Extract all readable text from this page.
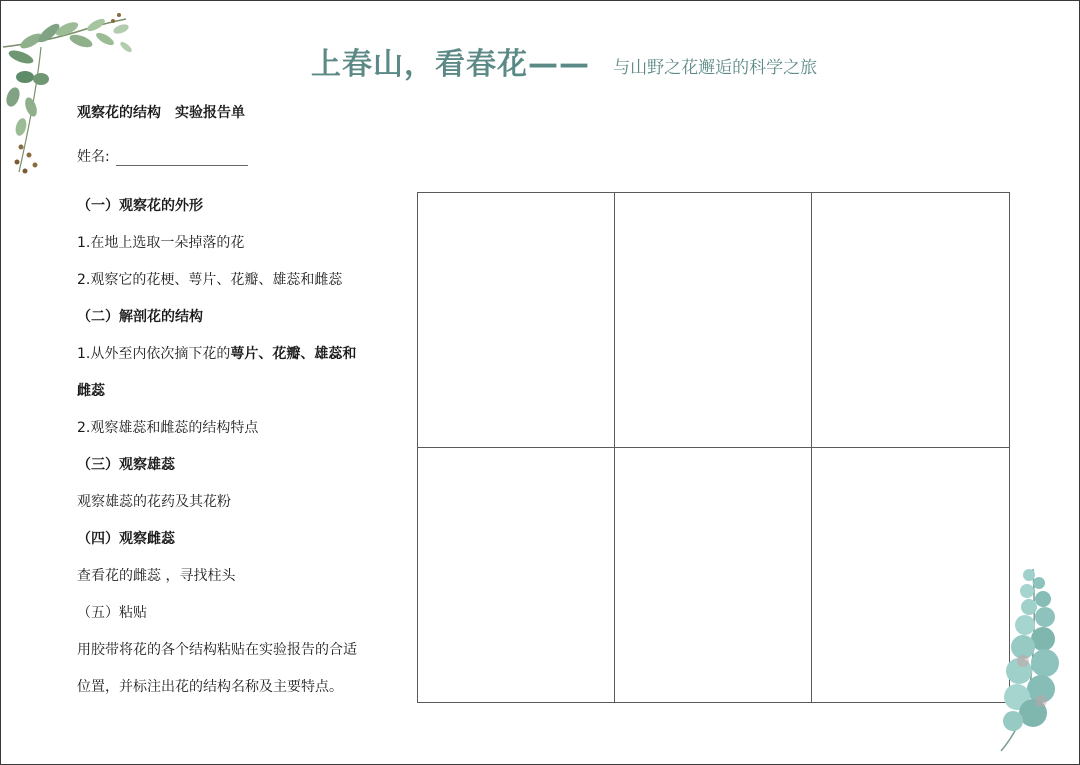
上春山，看春花—— 与山野之花邂逅的科学之旅
观察花的结构 实验报告单
姓名:
（一）观察花的外形
1.在地上选取一朵掉落的花
2.观察它的花梗、萼片、花瓣、雄蕊和雌蕊
（二）解剖花的结构
1.从外至内依次摘下花的萼片、花瓣、雄蕊和
雌蕊
2.观察雄蕊和雌蕊的结构特点
（三）观察雄蕊
观察雄蕊的花药及其花粉
（四）观察雌蕊
查看花的雌蕊 ，寻找柱头
（五）粘贴
用胶带将花的各个结构粘贴在实验报告的合适
位置，并标注出花的结构名称及主要特点。
